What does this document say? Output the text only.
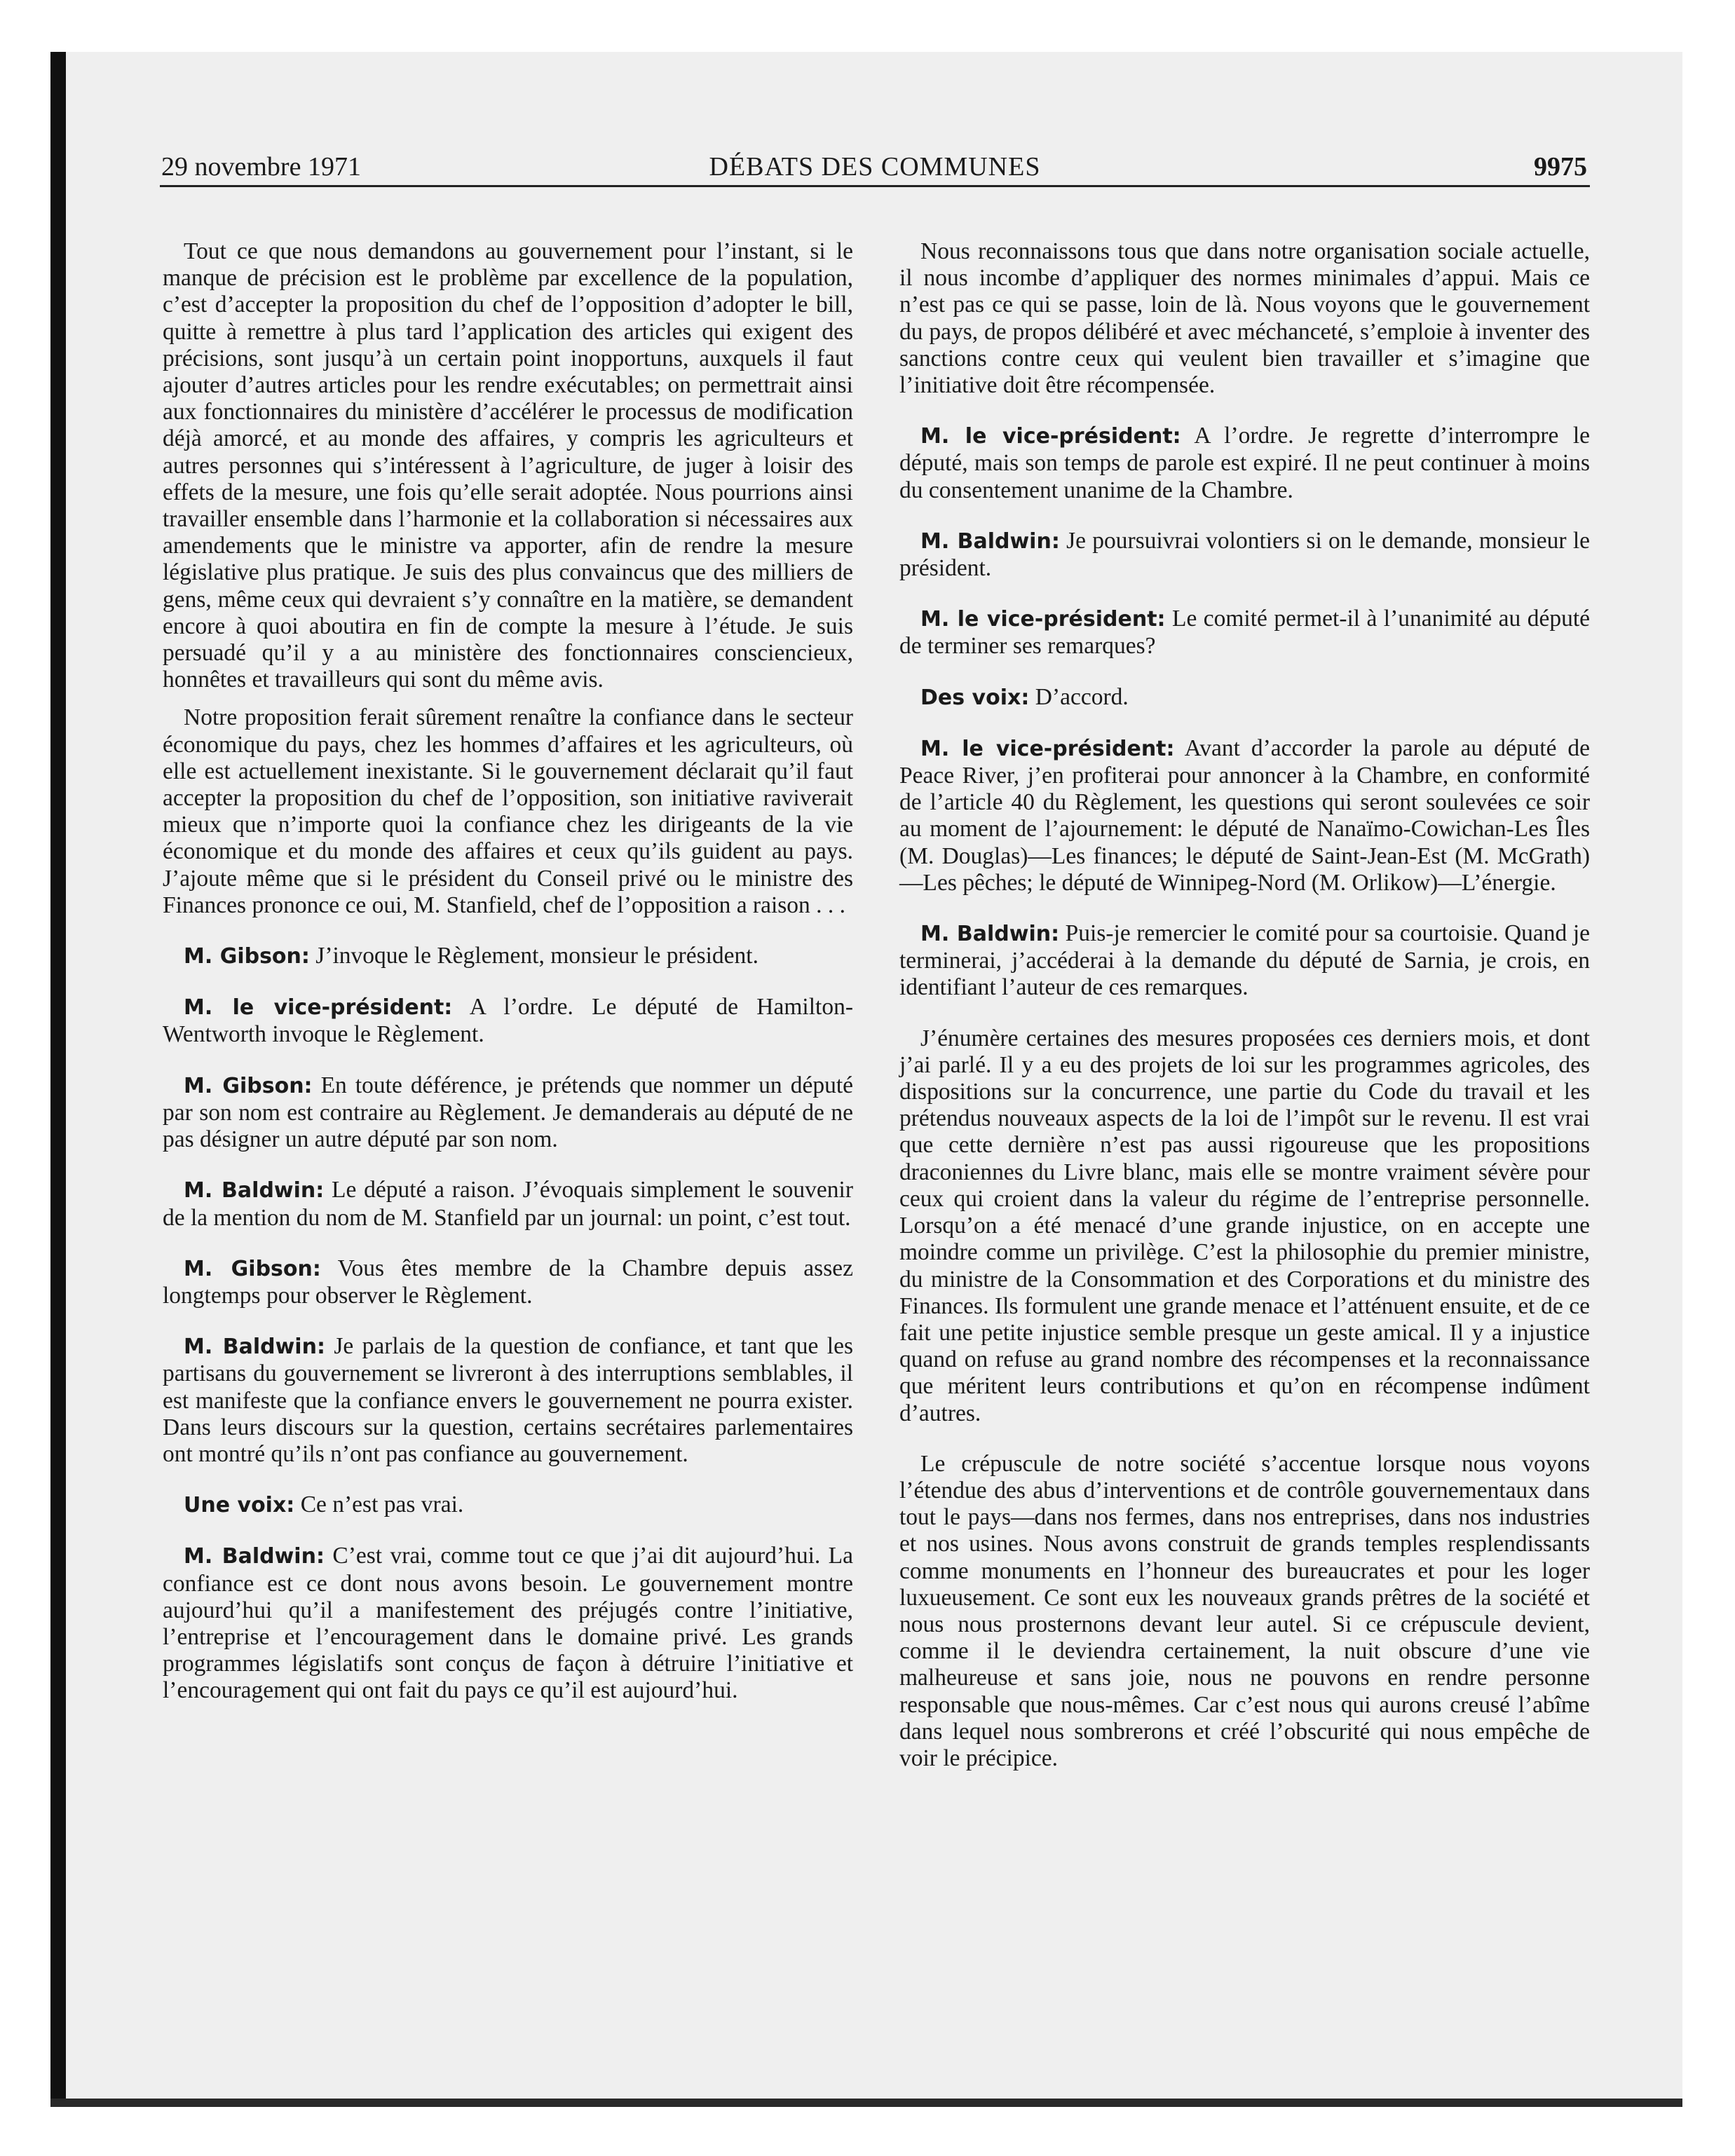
29 novembre 1971	DÉBATS DES COMMUNES	9975

Tout ce que nous demandons au gouvernement pour l’instant, si le manque de précision est le problème par excellence de la population, c’est d’accepter la proposition du chef de l’opposition d’adopter le bill, quitte à remettre à plus tard l’application des articles qui exigent des précisions, sont jusqu’à un certain point inopportuns, auxquels il faut ajouter d’autres articles pour les rendre exécutables; on permettrait ainsi aux fonctionnaires du ministère d’accélérer le processus de modification déjà amorcé, et au monde des affaires, y compris les agriculteurs et autres personnes qui s’intéressent à l’agriculture, de juger à loisir des effets de la mesure, une fois qu’elle serait adoptée. Nous pourrions ainsi travailler ensemble dans l’harmonie et la collaboration si nécessaires aux amendements que le ministre va apporter, afin de rendre la mesure législative plus pratique. Je suis des plus convaincus que des milliers de gens, même ceux qui devraient s’y connaître en la matière, se demandent encore à quoi aboutira en fin de compte la mesure à l’étude. Je suis persuadé qu’il y a au ministère des fonctionnaires consciencieux, honnêtes et travailleurs qui sont du même avis.

Notre proposition ferait sûrement renaître la confiance dans le secteur économique du pays, chez les hommes d’affaires et les agriculteurs, où elle est actuellement inexistante. Si le gouvernement déclarait qu’il faut accepter la proposition du chef de l’opposition, son initiative raviverait mieux que n’importe quoi la confiance chez les dirigeants de la vie économique et du monde des affaires et ceux qu’ils guident au pays. J’ajoute même que si le président du Conseil privé ou le ministre des Finances prononce ce oui, M. Stanfield, chef de l’opposition a raison . . .

M. Gibson: J’invoque le Règlement, monsieur le président.

M. le vice-président: A l’ordre. Le député de Hamilton-Wentworth invoque le Règlement.

M. Gibson: En toute déférence, je prétends que nommer un député par son nom est contraire au Règlement. Je demanderais au député de ne pas désigner un autre député par son nom.

M. Baldwin: Le député a raison. J’évoquais simplement le souvenir de la mention du nom de M. Stanfield par un journal: un point, c’est tout.

M. Gibson: Vous êtes membre de la Chambre depuis assez longtemps pour observer le Règlement.

M. Baldwin: Je parlais de la question de confiance, et tant que les partisans du gouvernement se livreront à des interruptions semblables, il est manifeste que la confiance envers le gouvernement ne pourra exister. Dans leurs discours sur la question, certains secrétaires parlementaires ont montré qu’ils n’ont pas confiance au gouvernement.

Une voix: Ce n’est pas vrai.

M. Baldwin: C’est vrai, comme tout ce que j’ai dit aujourd’hui. La confiance est ce dont nous avons besoin. Le gouvernement montre aujourd’hui qu’il a manifestement des préjugés contre l’initiative, l’entreprise et l’encouragement dans le domaine privé. Les grands programmes législatifs sont conçus de façon à détruire l’initiative et l’encouragement qui ont fait du pays ce qu’il est aujourd’hui.

Nous reconnaissons tous que dans notre organisation sociale actuelle, il nous incombe d’appliquer des normes minimales d’appui. Mais ce n’est pas ce qui se passe, loin de là. Nous voyons que le gouvernement du pays, de propos délibéré et avec méchanceté, s’emploie à inventer des sanctions contre ceux qui veulent bien travailler et s’imagine que l’initiative doit être récompensée.

M. le vice-président: A l’ordre. Je regrette d’interrompre le député, mais son temps de parole est expiré. Il ne peut continuer à moins du consentement unanime de la Chambre.

M. Baldwin: Je poursuivrai volontiers si on le demande, monsieur le président.

M. le vice-président: Le comité permet-il à l’unanimité au député de terminer ses remarques?

Des voix: D’accord.

M. le vice-président: Avant d’accorder la parole au député de Peace River, j’en profiterai pour annoncer à la Chambre, en conformité de l’article 40 du Règlement, les questions qui seront soulevées ce soir au moment de l’ajournement: le député de Nanaïmo-Cowichan-Les Îles (M. Douglas)—Les finances; le député de Saint-Jean-Est (M. McGrath)—Les pêches; le député de Winnipeg-Nord (M. Orlikow)—L’énergie.

M. Baldwin: Puis-je remercier le comité pour sa courtoisie. Quand je terminerai, j’accéderai à la demande du député de Sarnia, je crois, en identifiant l’auteur de ces remarques.

J’énumère certaines des mesures proposées ces derniers mois, et dont j’ai parlé. Il y a eu des projets de loi sur les programmes agricoles, des dispositions sur la concurrence, une partie du Code du travail et les prétendus nouveaux aspects de la loi de l’impôt sur le revenu. Il est vrai que cette dernière n’est pas aussi rigoureuse que les propositions draconiennes du Livre blanc, mais elle se montre vraiment sévère pour ceux qui croient dans la valeur du régime de l’entreprise personnelle. Lorsqu’on a été menacé d’une grande injustice, on en accepte une moindre comme un privilège. C’est la philosophie du premier ministre, du ministre de la Consommation et des Corporations et du ministre des Finances. Ils formulent une grande menace et l’atténuent ensuite, et de ce fait une petite injustice semble presque un geste amical. Il y a injustice quand on refuse au grand nombre des récompenses et la reconnaissance que méritent leurs contributions et qu’on en récompense indûment d’autres.

Le crépuscule de notre société s’accentue lorsque nous voyons l’étendue des abus d’interventions et de contrôle gouvernementaux dans tout le pays—dans nos fermes, dans nos entreprises, dans nos industries et nos usines. Nous avons construit de grands temples resplendissants comme monuments en l’honneur des bureaucrates et pour les loger luxueusement. Ce sont eux les nouveaux grands prêtres de la société et nous nous prosternons devant leur autel. Si ce crépuscule devient, comme il le deviendra certainement, la nuit obscure d’une vie malheureuse et sans joie, nous ne pouvons en rendre personne responsable que nous-mêmes. Car c’est nous qui aurons creusé l’abîme dans lequel nous sombrerons et créé l’obscurité qui nous empêche de voir le précipice.
